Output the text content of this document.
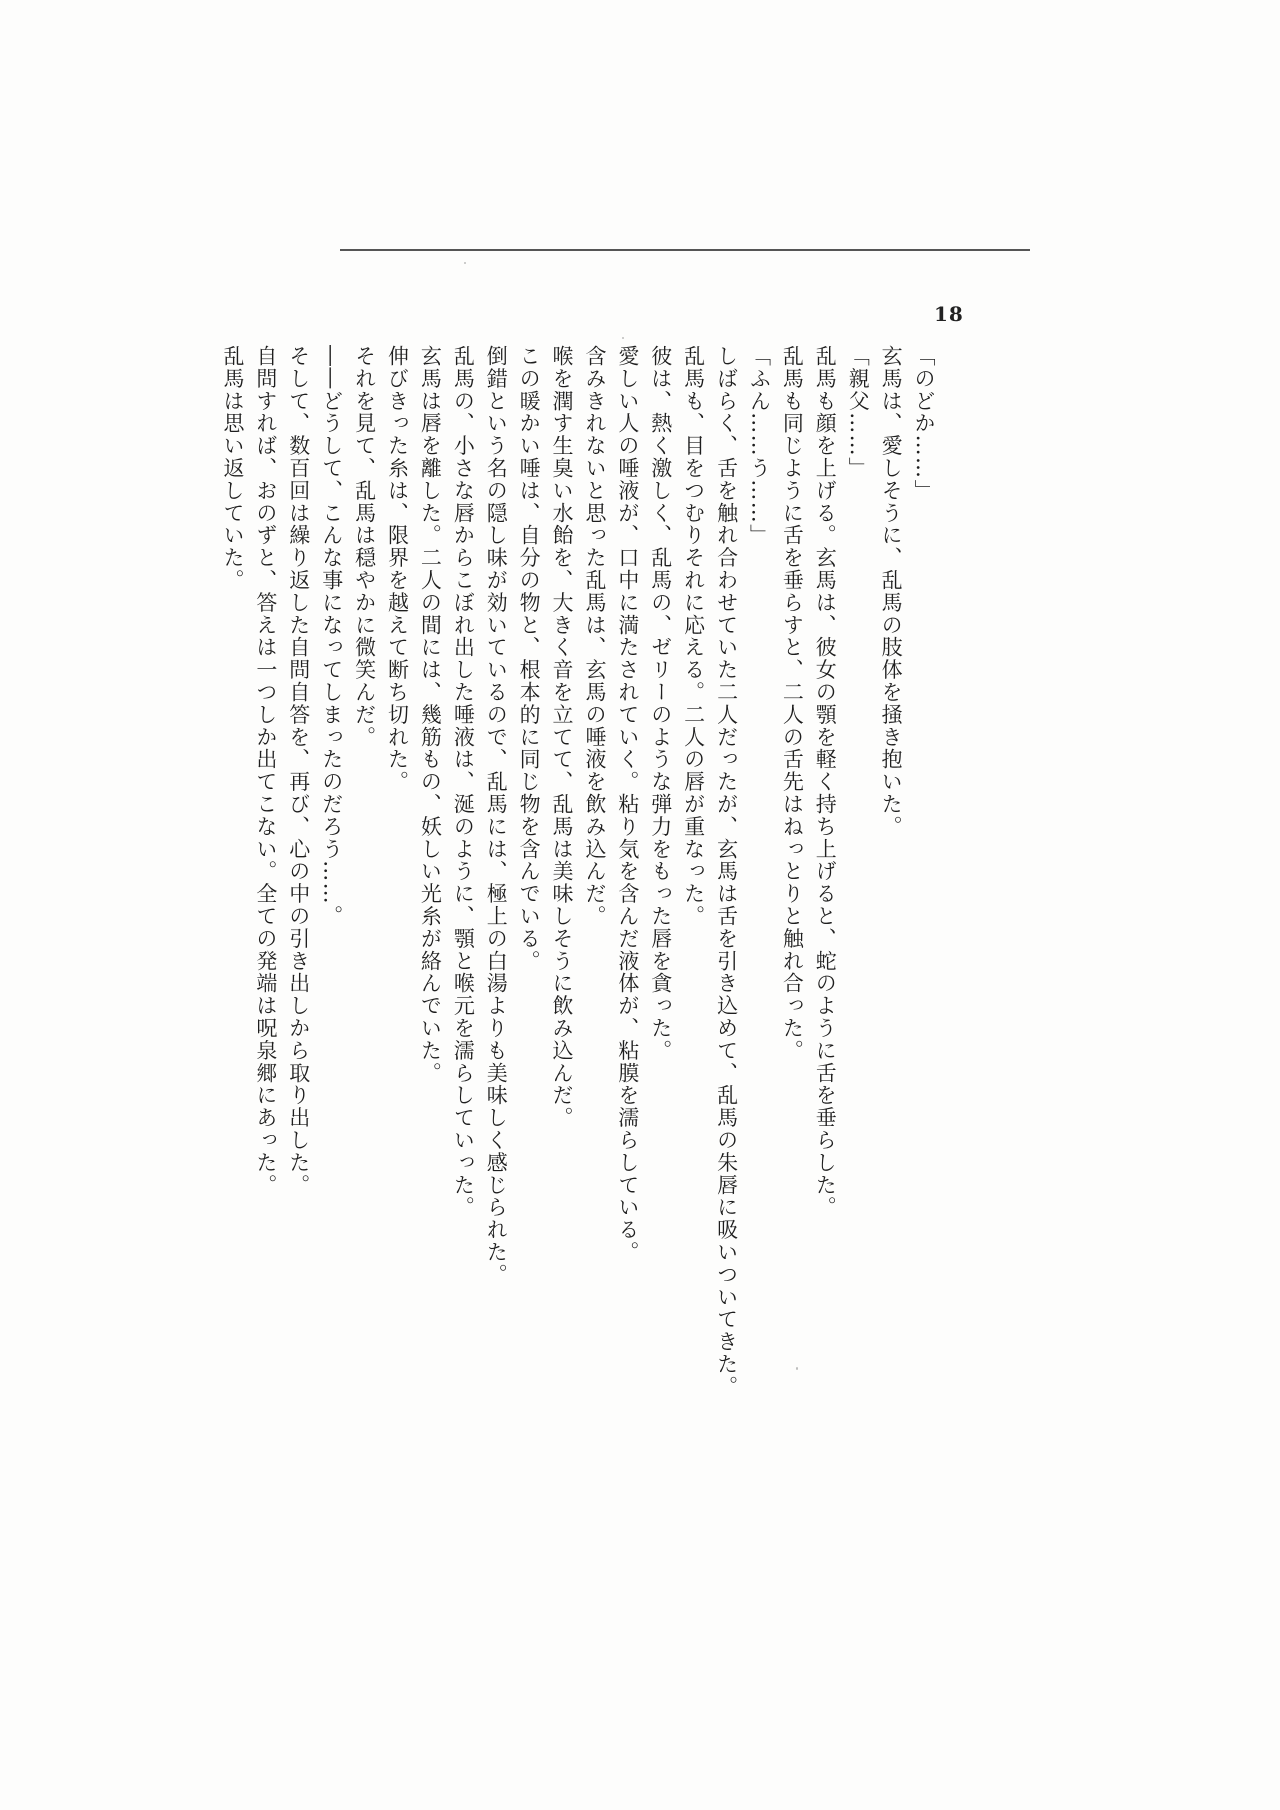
18

「のどか……」

玄馬は、愛しそうに、乱馬の肢体を掻き抱いた。

「親父……」

乱馬も顔を上げる。玄馬は、彼女の顎を軽く持ち上げると、蛇のように舌を垂らした。

乱馬も同じように舌を垂らすと、二人の舌先はねっとりと触れ合った。

「ふん……う……」

しばらく、舌を触れ合わせていた二人だったが、玄馬は舌を引き込めて、乱馬の朱唇に吸いついてきた。

乱馬も、目をつむりそれに応える。二人の唇が重なった。

彼は、熱く激しく、乱馬の、ゼリーのような弾力をもった唇を貪った。

愛しい人の唾液が、口中に満たされていく。粘り気を含んだ液体が、粘膜を濡らしている。

含みきれないと思った乱馬は、玄馬の唾液を飲み込んだ。

喉を潤す生臭い水飴を、大きく音を立てて、乱馬は美味しそうに飲み込んだ。

この暖かい唾は、自分の物と、根本的に同じ物を含んでいる。

倒錯という名の隠し味が効いているので、乱馬には、極上の白湯よりも美味しく感じられた。

乱馬の、小さな唇からこぼれ出した唾液は、涎のように、顎と喉元を濡らしていった。

玄馬は唇を離した。二人の間には、幾筋もの、妖しい光糸が絡んでいた。

伸びきった糸は、限界を越えて断ち切れた。

それを見て、乱馬は穏やかに微笑んだ。

――どうして、こんな事になってしまったのだろう……。

そして、数百回は繰り返した自問自答を、再び、心の中の引き出しから取り出した。

自問すれば、おのずと、答えは一つしか出てこない。全ての発端は呪泉郷にあった。

乱馬は思い返していた。
